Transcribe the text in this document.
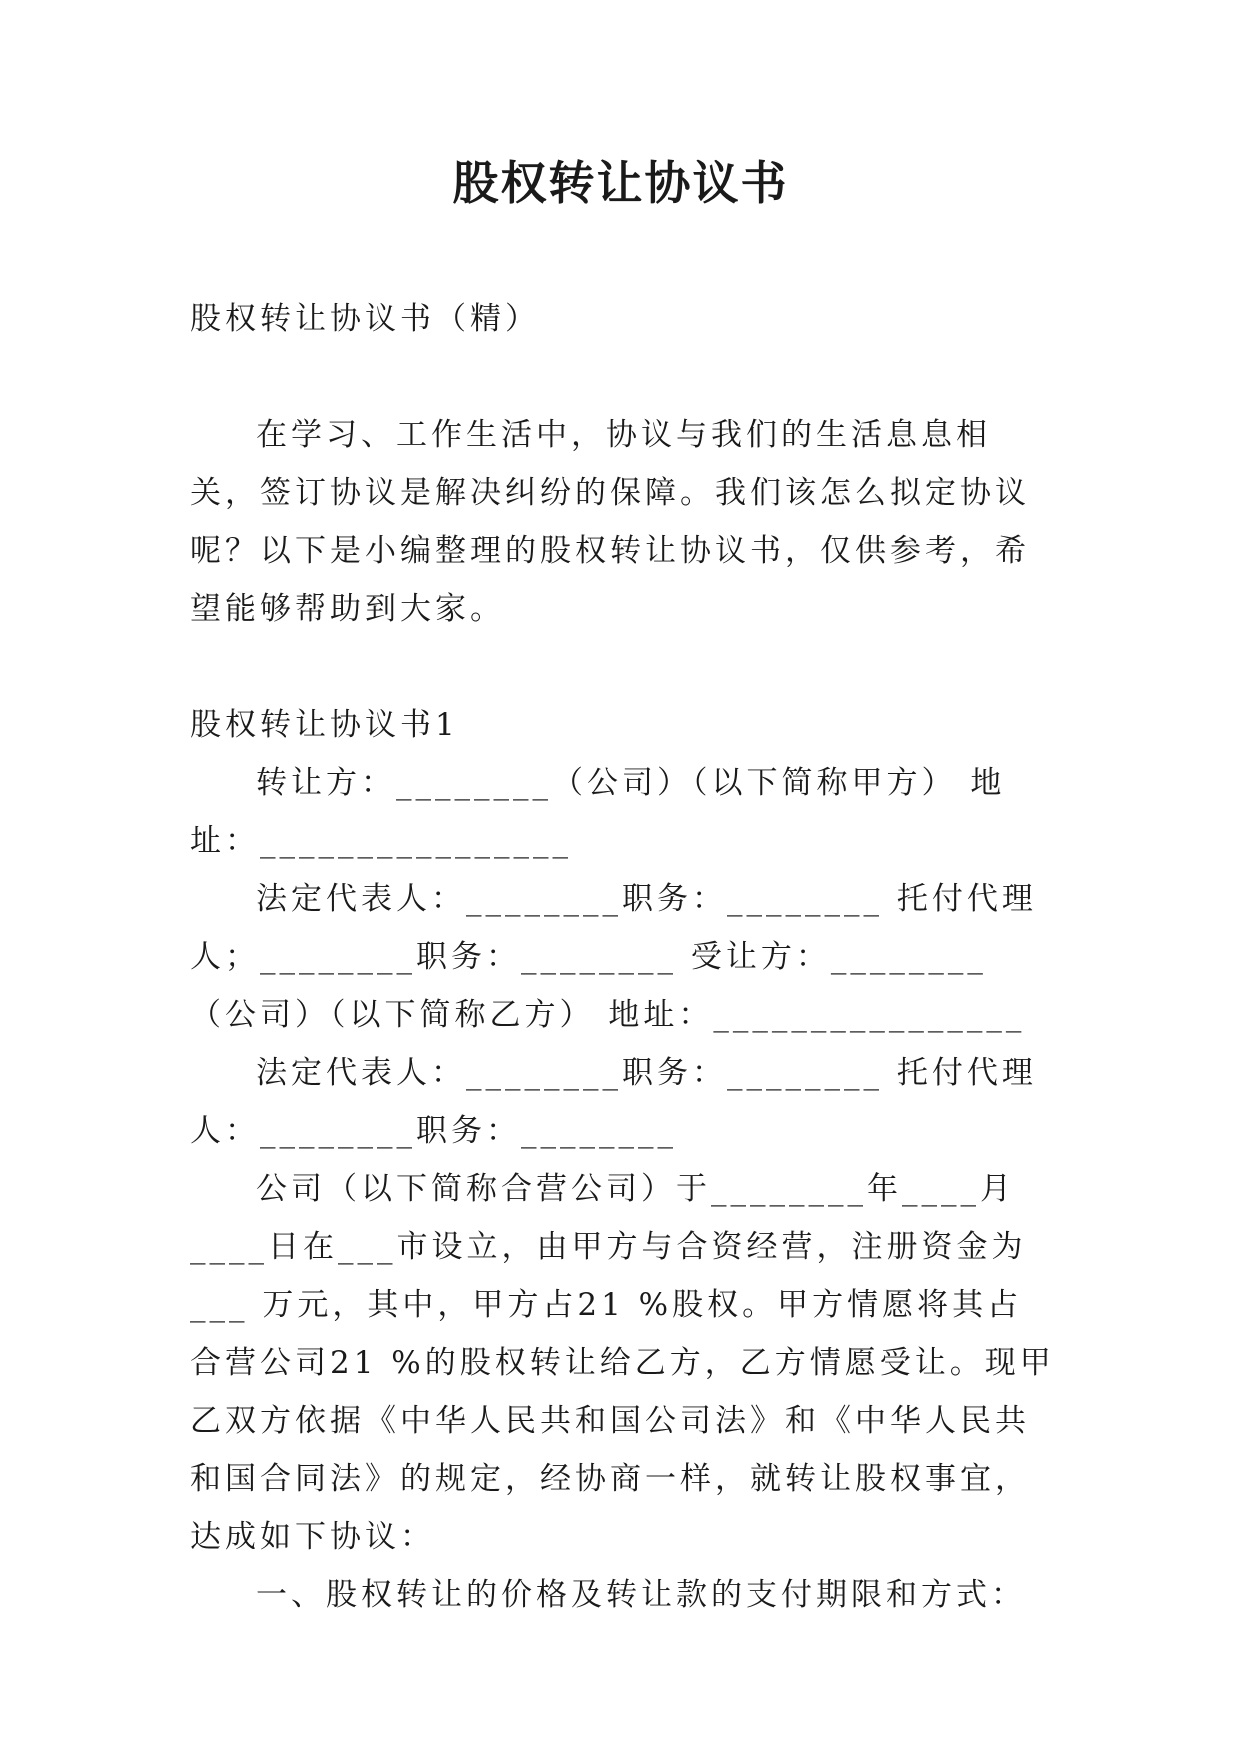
股权转让协议书

股权转让协议书（精）

在学习、工作生活中，协议与我们的生活息息相关，签订协议是解决纠纷的保障。我们该怎么拟定协议呢？以下是小编整理的股权转让协议书，仅供参考，希望能够帮助到大家。

股权转让协议书1

转让方：________（公司）（以下简称甲方） 地址：________________

法定代表人：________职务：________ 托付代理人；________职务：________ 受让方：________（公司）（以下简称乙方） 地址：________________

法定代表人：________职务：________ 托付代理人：________职务：________

公司（以下简称合营公司）于________年____月____日在___市设立，由甲方与合资经营，注册资金为___ 万元，其中，甲方占21 %股权。甲方情愿将其占合营公司21 %的股权转让给乙方，乙方情愿受让。现甲乙双方依据《中华人民共和国公司法》和《中华人民共和国合同法》的规定，经协商一样，就转让股权事宜，达成如下协议：

一、股权转让的价格及转让款的支付期限和方式：
